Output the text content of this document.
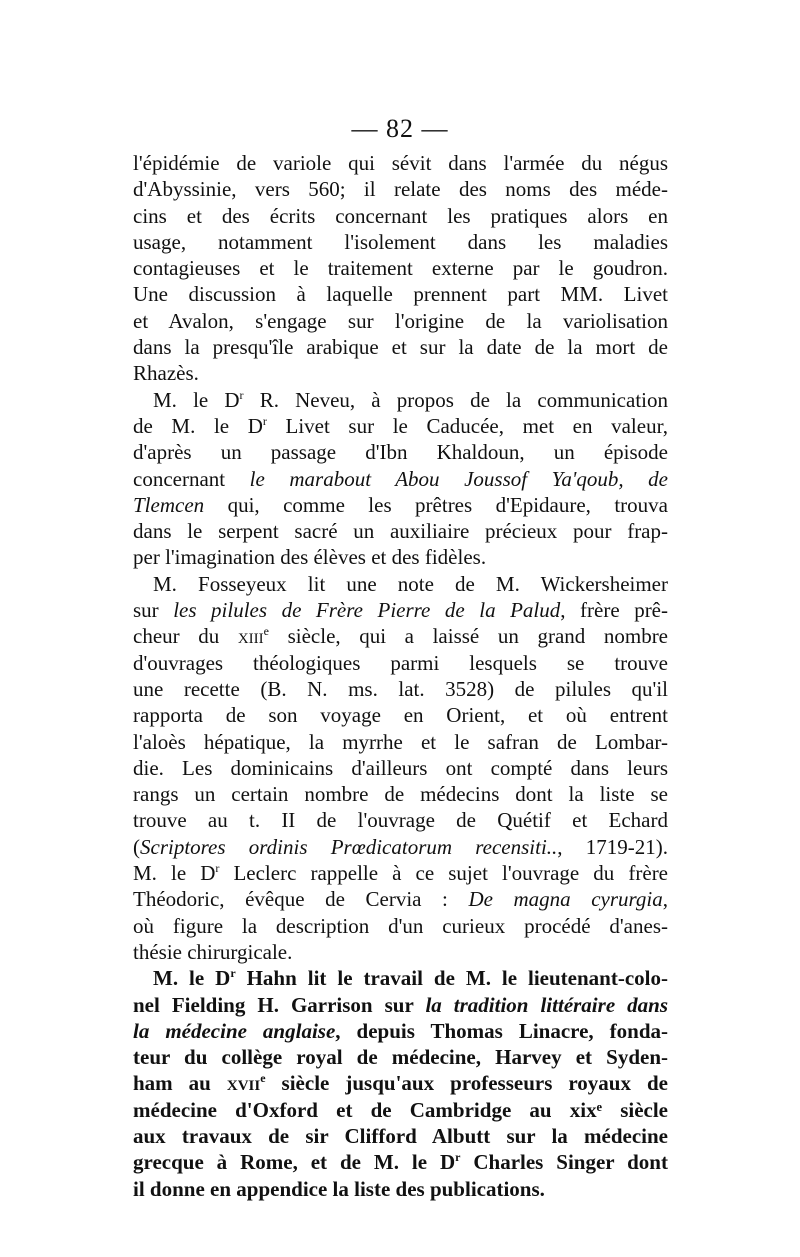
— 82 —
l'épidémie de variole qui sévit dans l'armée du négus
d'Abyssinie, vers 560; il relate des noms des méde-
cins et des écrits concernant les pratiques alors en
usage, notamment l'isolement dans les maladies
contagieuses et le traitement externe par le goudron.
Une discussion à laquelle prennent part MM. Livet
et Avalon, s'engage sur l'origine de la variolisation
dans la presqu'île arabique et sur la date de la mort de
Rhazès.
M. le $D^r$ R. Neveu, à propos de la communication
de M. le $D^r$ Livet sur le Caducée, met en valeur,
d'après un passage d'Ibn Khaldoun, un épisode
concernant le marabout Abou Joussof Ya'qoub, de
Tlemcen qui, comme les prêtres d'Epidaure, trouva
dans le serpent sacré un auxiliaire précieux pour frap-
per l'imagination des élèves et des fidèles.
M. Fosseyeux lit une note de M. Wickersheimer
sur les pilules de Frère Pierre de la Palud, frère prê-
cheur du xiii$^e$ siècle, qui a laissé un grand nombre
d'ouvrages théologiques parmi lesquels se trouve
une recette (B. N. ms. lat. 3528) de pilules qu'il
rapporta de son voyage en Orient, et où entrent
l'aloès hépatique, la myrrhe et le safran de Lombar-
die. Les dominicains d'ailleurs ont compté dans leurs
rangs un certain nombre de médecins dont la liste se
trouve au t. II de l'ouvrage de Quétif et Echard
(Scriptores ordinis Prœdicatorum recensiti.., 1719-21).
M. le $D^r$ Leclerc rappelle à ce sujet l'ouvrage du frère
Théodoric, évêque de Cervia : De magna cyrurgia,
où figure la description d'un curieux procédé d'anes-
thésie chirurgicale.
M. le $D^r$ Hahn lit le travail de M. le lieutenant-colo-
nel Fielding H. Garrison sur la tradition littéraire dans
la médecine anglaise, depuis Thomas Linacre, fonda-
teur du collège royal de médecine, Harvey et Syden-
ham au xvii$^e$ siècle jusqu'aux professeurs royaux de
médecine d'Oxford et de Cambridge au xixᵉ siècle
aux travaux de sir Clifford Albutt sur la médecine
grecque à Rome, et de M. le $D^r$ Charles Singer dont
il donne en appendice la liste des publications.
